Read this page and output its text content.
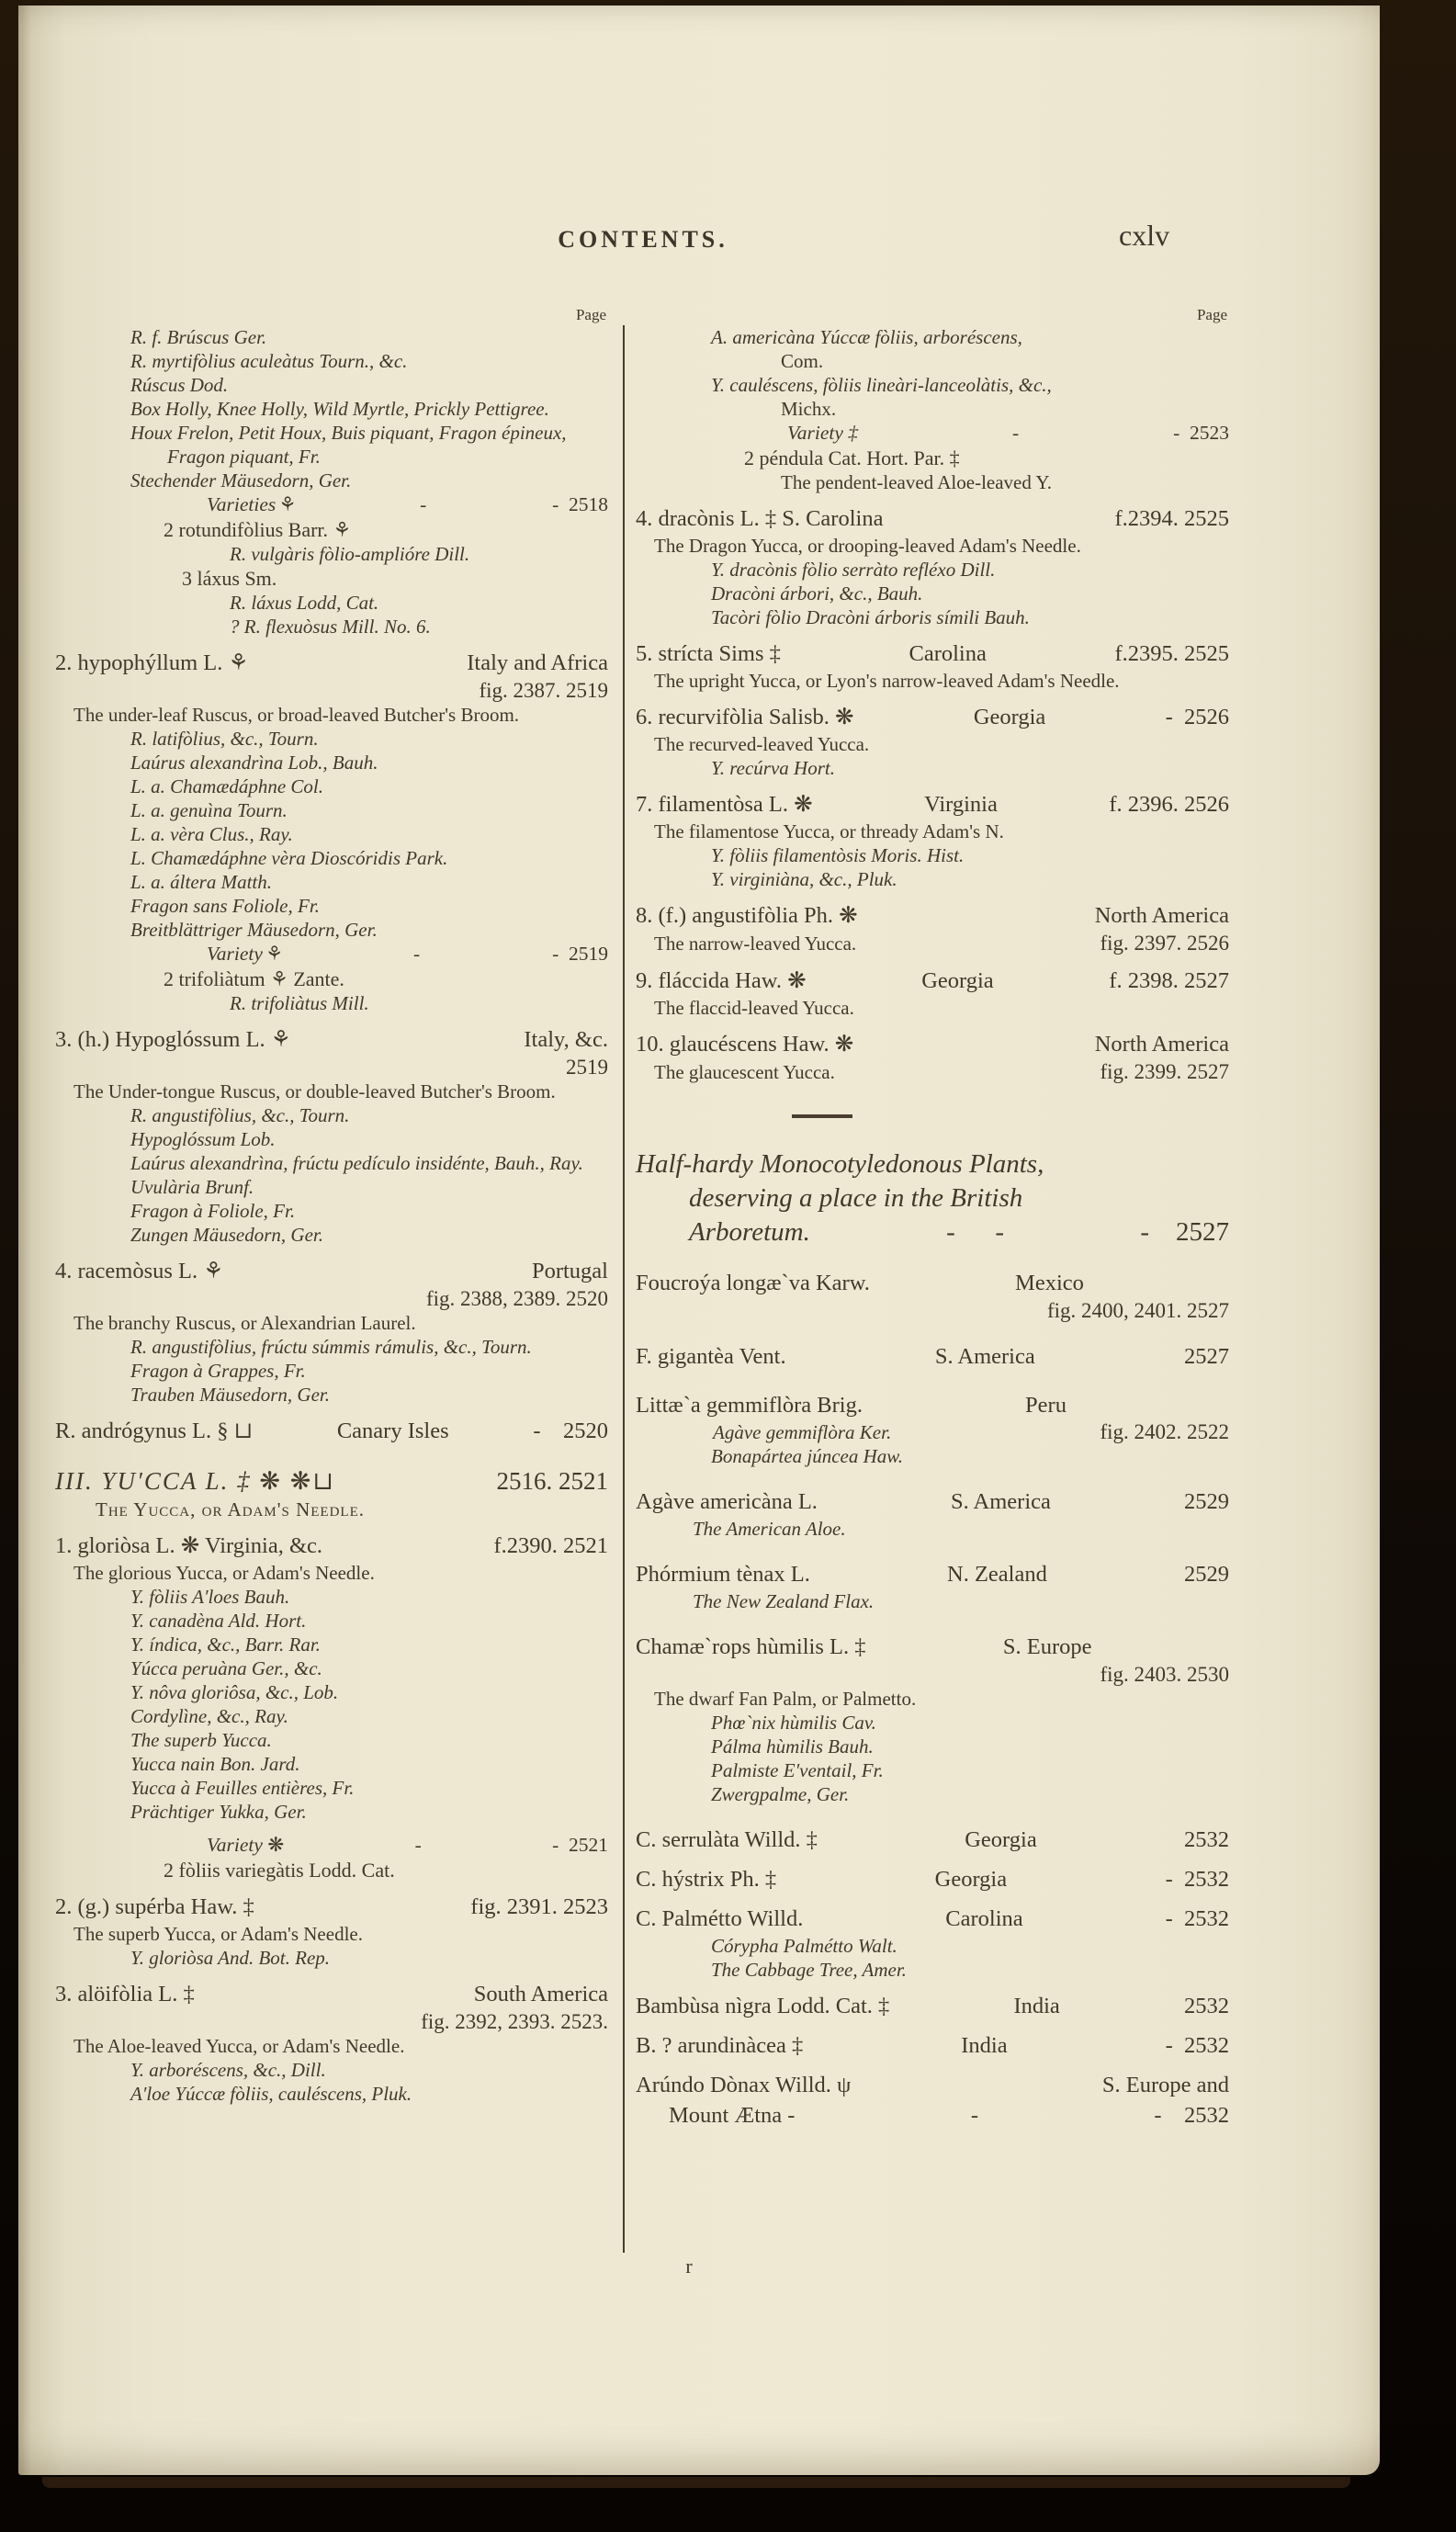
CONTENTS.	cxlv
Page
R. f. Brúscus Ger.
R. myrtifòlius aculeàtus Tourn., &c.
Rúscus Dod.
Box Holly, Knee Holly, Wild Myrtle, Prickly Pettigree.
Houx Frelon, Petit Houx, Buis piquant, Fragon épineux, Fragon piquant, Fr.
Stechender Mäusedorn, Ger.
Varieties ⚘	-	-  2518
2 rotundifòlius Barr. ⚘
R. vulgàris fòlio-amplióre Dill.
3 láxus Sm.
R. láxus Lodd, Cat.
? R. flexuòsus Mill. No. 6.
2. hypophýllum L. ⚘	Italy and Africa
fig. 2387. 2519
The under-leaf Ruscus, or broad-leaved Butcher's Broom.
R. latifòlius, &c., Tourn.
Laúrus alexandrìna Lob., Bauh.
L. a. Chamædáphne Col.
L. a. genuìna Tourn.
L. a. vèra Clus., Ray.
L. Chamædáphne vèra Dioscóridis Park.
L. a. áltera Matth.
Fragon sans Foliole, Fr.
Breitblättriger Mäusedorn, Ger.
Variety ⚘	-	-  2519
2 trifoliàtum ⚘ Zante.
R. trifoliàtus Mill.
3. (h.) Hypoglóssum L. ⚘	Italy, &c.
2519
The Under-tongue Ruscus, or double-leaved Butcher's Broom.
R. angustifòlius, &c., Tourn.
Hypoglóssum Lob.
Laúrus alexandrìna, frúctu pedículo insidénte, Bauh., Ray.
Uvulària Brunf.
Fragon à Foliole, Fr.
Zungen Mäusedorn, Ger.
4. racemòsus L. ⚘	Portugal
fig. 2388, 2389. 2520
The branchy Ruscus, or Alexandrian Laurel.
R. angustifòlius, frúctu súmmis rámulis, &c., Tourn.
Fragon à Grappes, Fr.
Trauben Mäusedorn, Ger.
R. andrógynus L. § ⊔	Canary Isles	-    2520
III. YU′CCA L. ‡ ❋ ❋⊔	2516. 2521
The Yucca, or Adam's Needle.
1. gloriòsa L. ❋ Virginia, &c.	f.2390. 2521
The glorious Yucca, or Adam's Needle.
Y. fòliis A′loes Bauh.
Y. canadèna Ald. Hort.
Y. índica, &c., Barr. Rar.
Yúcca peruàna Ger., &c.
Y. nôva gloriôsa, &c., Lob.
Cordylìne, &c., Ray.
The superb Yucca.
Yucca nain Bon. Jard.
Yucca à Feuilles entières, Fr.
Prächtiger Yukka, Ger.
Variety ❋	-	-  2521
2 fòliis variegàtis Lodd. Cat.
2. (g.) supérba Haw. ‡	fig. 2391. 2523
The superb Yucca, or Adam's Needle.
Y. gloriòsa And. Bot. Rep.
3. alöifòlia L. ‡	South America
fig. 2392, 2393. 2523.
The Aloe-leaved Yucca, or Adam's Needle.
Y. arboréscens, &c., Dill.
A′loe Yúccæ fòliis, cauléscens, Pluk.
Page
A. americàna Yúccæ fòliis, arboréscens,
Com.
Y. cauléscens, fòliis lineàri-lanceolàtis, &c.,
Michx.
Variety ‡	-	-  2523
2 péndula Cat. Hort. Par. ‡
The pendent-leaved Aloe-leaved Y.
4. dracònis L. ‡ S. Carolina	f.2394. 2525
The Dragon Yucca, or drooping-leaved Adam's Needle.
Y. dracònis fòlio serràto refléxo Dill.
Dracòni árbori, &c., Bauh.
Tacòri fòlio Dracòni árboris símili Bauh.
5. strícta Sims ‡	Carolina	f.2395. 2525
The upright Yucca, or Lyon's narrow-leaved Adam's Needle.
6. recurvifòlia Salisb. ❋	Georgia	-  2526
The recurved-leaved Yucca.
Y. recúrva Hort.
7. filamentòsa L. ❋	Virginia	f. 2396. 2526
The filamentose Yucca, or thready Adam's N.
Y. fòliis filamentòsis Moris. Hist.
Y. virginiàna, &c., Pluk.
8. (f.) angustifòlia Ph. ❋	North America
The narrow-leaved Yucca.	fig. 2397. 2526
9. fláccida Haw. ❋	Georgia	f. 2398. 2527
The flaccid-leaved Yucca.
10. glaucéscens Haw. ❋	North America
The glaucescent Yucca.	fig. 2399. 2527
Half-hardy Monocotyledonous Plants,
deserving a place in the British
Arboretum.	-      -	-    2527
Foucroýa longæ`va Karw.	Mexico
fig. 2400, 2401. 2527
F. gigantèa Vent.	S. America	2527
Littæ`a gemmiflòra Brig.	Peru
Agàve gemmiflòra Ker.	fig. 2402. 2522
Bonapártea júncea Haw.
Agàve americàna L.	S. America	2529
The American Aloe.
Phórmium tènax L.	N. Zealand	2529
The New Zealand Flax.
Chamæ`rops hùmilis L. ‡	S. Europe
fig. 2403. 2530
The dwarf Fan Palm, or Palmetto.
Phœ`nix hùmilis Cav.
Pálma hùmilis Bauh.
Palmiste E′ventail, Fr.
Zwergpalme, Ger.
C. serrulàta Willd. ‡	Georgia	2532
C. hýstrix Ph. ‡	Georgia	-  2532
C. Palmétto Willd.	Carolina	-  2532
Córypha Palmétto Walt.
The Cabbage Tree, Amer.
Bambùsa nìgra Lodd. Cat. ‡	India	2532
B. ? arundinàcea ‡	India	-  2532
Arúndo Dònax Willd. ψ	S. Europe and
Mount Ætna -	-	-    2532
r
